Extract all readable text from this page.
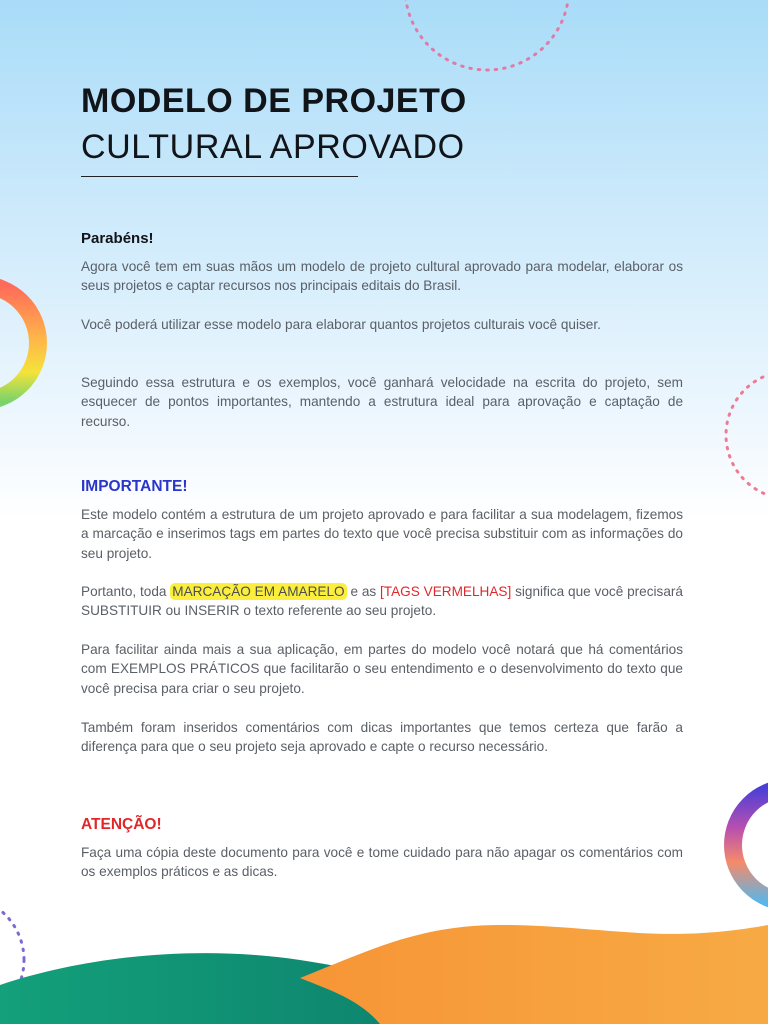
MODELO DE PROJETO
CULTURAL APROVADO
Parabéns!

Agora você tem em suas mãos um modelo de projeto cultural aprovado para modelar, elaborar os seus projetos e captar recursos nos principais editais do Brasil.

Você poderá utilizar esse modelo para elaborar quantos projetos culturais você quiser.

Seguindo essa estrutura e os exemplos, você ganhará velocidade na escrita do projeto, sem esquecer de pontos importantes, mantendo a estrutura ideal para aprovação e captação de recurso.

IMPORTANTE!

Este modelo contém a estrutura de um projeto aprovado e para facilitar a sua modelagem, fizemos a marcação e inserimos tags em partes do texto que você precisa substituir com as informações do seu projeto.

Portanto, toda MARCAÇÃO EM AMARELO e as [TAGS VERMELHAS] significa que você precisará SUBSTITUIR ou INSERIR o texto referente ao seu projeto.

Para facilitar ainda mais a sua aplicação, em partes do modelo você notará que há comentários com EXEMPLOS PRÁTICOS que facilitarão o seu entendimento e o desenvolvimento do texto que você precisa para criar o seu projeto.

Também foram inseridos comentários com dicas importantes que temos certeza que farão a diferença para que o seu projeto seja aprovado e capte o recurso necessário.

ATENÇÃO!

Faça uma cópia deste documento para você e tome cuidado para não apagar os comentários com os exemplos práticos e as dicas.
